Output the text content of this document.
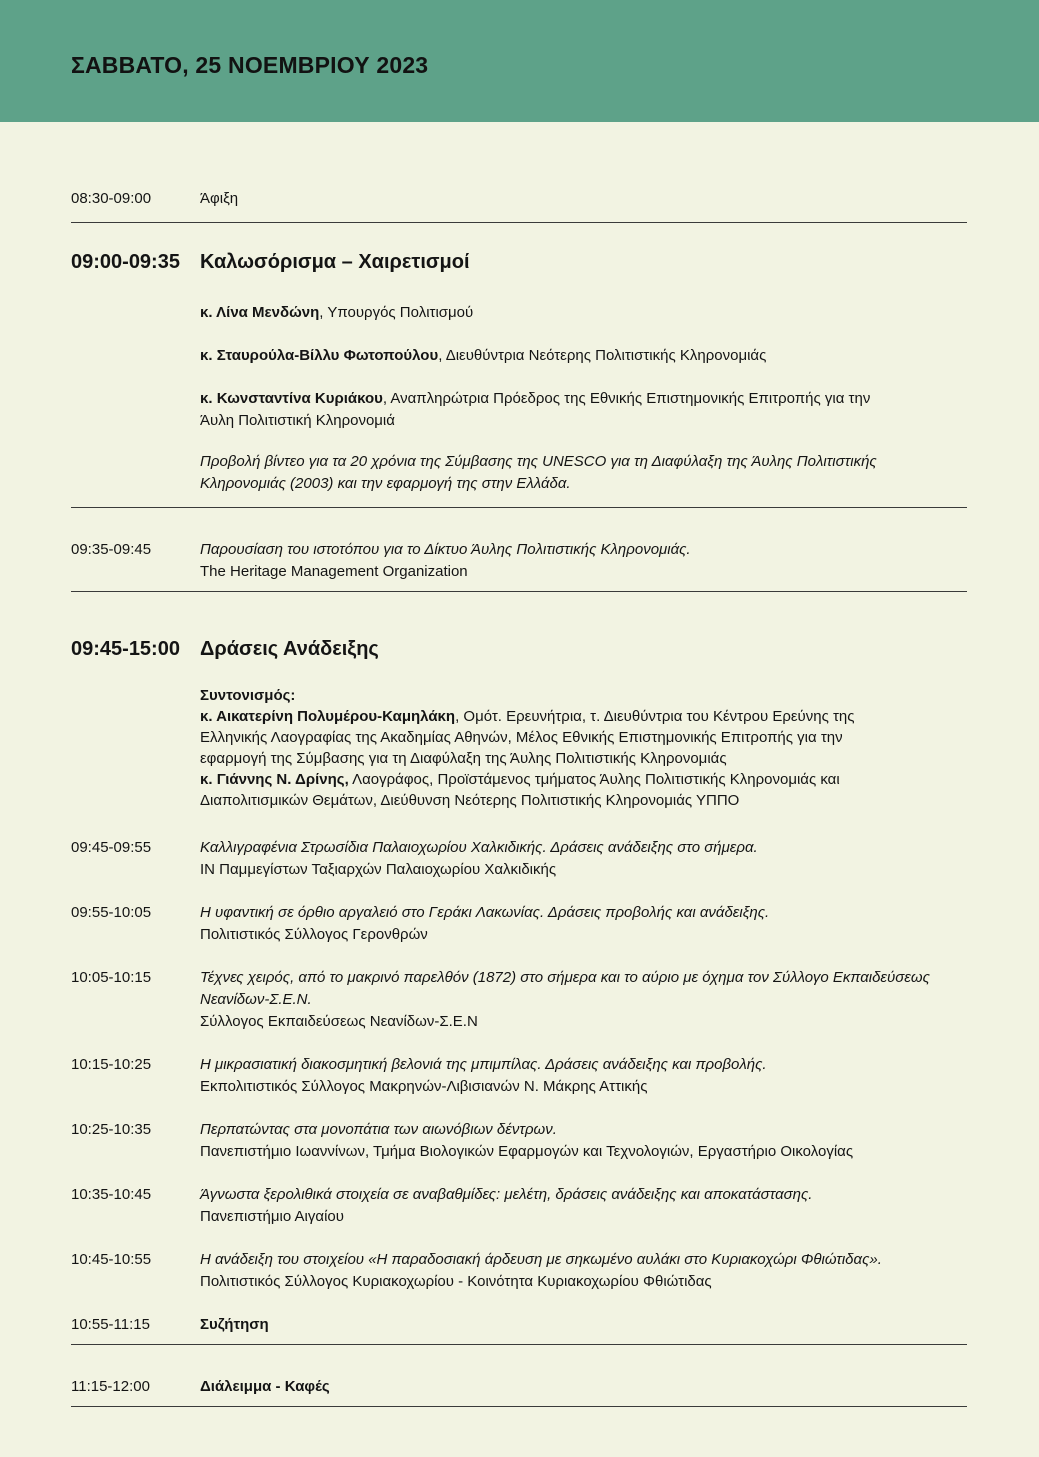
ΣΑΒΒΑΤΟ, 25 ΝΟΕΜΒΡΙΟΥ 2023
08:30-09:00	Άφιξη

09:00-09:35	Καλωσόρισμα – Χαιρετισμοί

κ. Λίνα Μενδώνη, Υπουργός Πολιτισμού

κ. Σταυρούλα-Βίλλυ Φωτοπούλου, Διευθύντρια Νεότερης Πολιτιστικής Κληρονομιάς

κ. Κωνσταντίνα Κυριάκου, Αναπληρώτρια Πρόεδρος της Εθνικής Επιστημονικής Επιτροπής για την Άυλη Πολιτιστική Κληρονομιά

Προβολή βίντεο για τα 20 χρόνια της Σύμβασης της UNESCO για τη Διαφύλαξη της Άυλης Πολιτιστικής Κληρονομιάς (2003) και την εφαρμογή της στην Ελλάδα.

09:35-09:45	Παρουσίαση του ιστοτόπου για το Δίκτυο Άυλης Πολιτιστικής Κληρονομιάς.

The Heritage Management Organization

09:45-15:00	Δράσεις Ανάδειξης

Συντονισμός:

κ. Αικατερίνη Πολυμέρου-Καμηλάκη, Ομότ. Ερευνήτρια, τ. Διευθύντρια του Κέντρου Ερεύνης της Ελληνικής Λαογραφίας της Ακαδημίας Αθηνών, Μέλος Εθνικής Επιστημονικής Επιτροπής για την εφαρμογή της Σύμβασης για τη Διαφύλαξη της Άυλης Πολιτιστικής Κληρονομιάς

κ. Γιάννης Ν. Δρίνης, Λαογράφος, Προϊστάμενος τμήματος Άυλης Πολιτιστικής Κληρονομιάς και Διαπολιτισμικών Θεμάτων, Διεύθυνση Νεότερης Πολιτιστικής Κληρονομιάς ΥΠΠΟ

09:45-09:55	Καλλιγραφένια Στρωσίδια Παλαιοχωρίου Χαλκιδικής. Δράσεις ανάδειξης στο σήμερα.

ΙΝ Παμμεγίστων Ταξιαρχών Παλαιοχωρίου Χαλκιδικής

09:55-10:05	Η υφαντική σε όρθιο αργαλειό στο Γεράκι Λακωνίας. Δράσεις προβολής και ανάδειξης.

Πολιτιστικός Σύλλογος Γερονθρών

10:05-10:15	Τέχνες χειρός, από το μακρινό παρελθόν (1872) στο σήμερα και το αύριο με όχημα τον Σύλλογο Εκπαιδεύσεως Νεανίδων-Σ.Ε.Ν.

Σύλλογος Εκπαιδεύσεως Νεανίδων-Σ.Ε.Ν

10:15-10:25	Η μικρασιατική διακοσμητική βελονιά της μπιμπίλας. Δράσεις ανάδειξης και προβολής.

Εκπολιτιστικός Σύλλογος Μακρηνών-Λιβισιανών Ν. Μάκρης Αττικής

10:25-10:35	Περπατώντας στα μονοπάτια των αιωνόβιων δέντρων.

Πανεπιστήμιο Ιωαννίνων, Τμήμα Βιολογικών Εφαρμογών και Τεχνολογιών, Εργαστήριο Οικολογίας

10:35-10:45	Άγνωστα ξερολιθικά στοιχεία σε αναβαθμίδες: μελέτη, δράσεις ανάδειξης και αποκατάστασης.

Πανεπιστήμιο Αιγαίου

10:45-10:55	Η ανάδειξη του στοιχείου «Η παραδοσιακή άρδευση με σηκωμένο αυλάκι στο Κυριακοχώρι Φθιώτιδας».

Πολιτιστικός Σύλλογος Κυριακοχωρίου - Κοινότητα Κυριακοχωρίου Φθιώτιδας

10:55-11:15	Συζήτηση

11:15-12:00	Διάλειμμα - Καφές
